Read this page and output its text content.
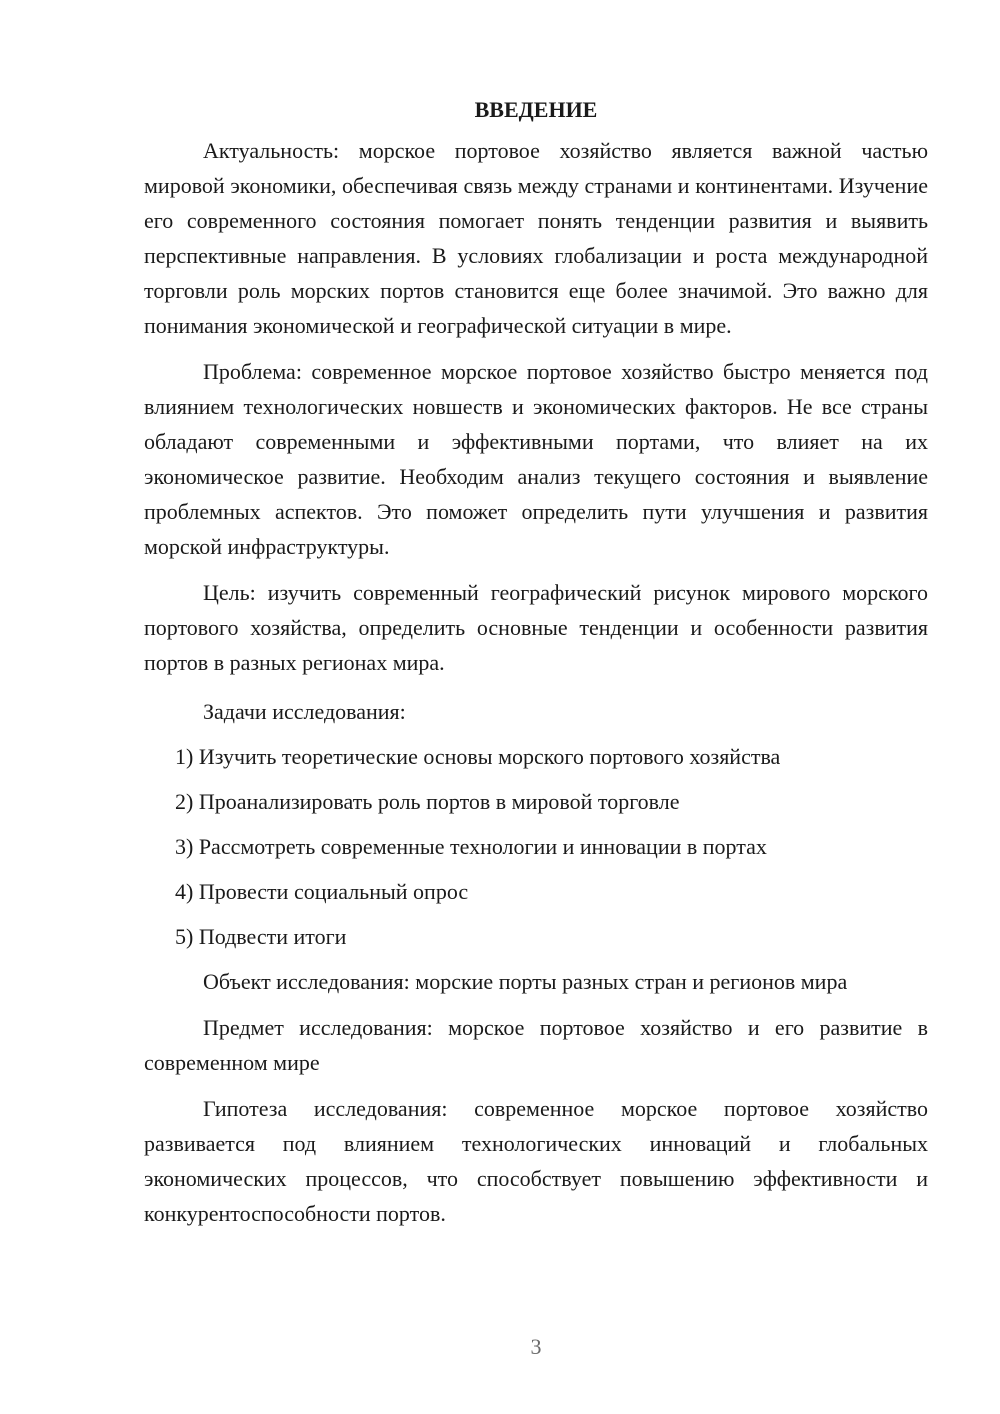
ВВЕДЕНИЕ

Актуальность: морское портовое хозяйство является важной частью мировой экономики, обеспечивая связь между странами и континентами. Изучение его современного состояния помогает понять тенденции развития и выявить перспективные направления. В условиях глобализации и роста международной торговли роль морских портов становится еще более значимой. Это важно для понимания экономической и географической ситуации в мире.

Проблема: современное морское портовое хозяйство быстро меняется под влиянием технологических новшеств и экономических факторов. Не все страны обладают современными и эффективными портами, что влияет на их экономическое развитие. Необходим анализ текущего состояния и выявление проблемных аспектов. Это поможет определить пути улучшения и развития морской инфраструктуры.

Цель: изучить современный географический рисунок мирового морского портового хозяйства, определить основные тенденции и особенности развития портов в разных регионах мира.

Задачи исследования:

1) Изучить теоретические основы морского портового хозяйства
2) Проанализировать роль портов в мировой торговле
3) Рассмотреть современные технологии и инновации в портах
4) Провести социальный опрос
5) Подвести итоги

Объект исследования: морские порты разных стран и регионов мира

Предмет исследования: морское портовое хозяйство и его развитие в современном мире

Гипотеза исследования: современное морское портовое хозяйство развивается под влиянием технологических инноваций и глобальных экономических процессов, что способствует повышению эффективности и конкурентоспособности портов.

3
